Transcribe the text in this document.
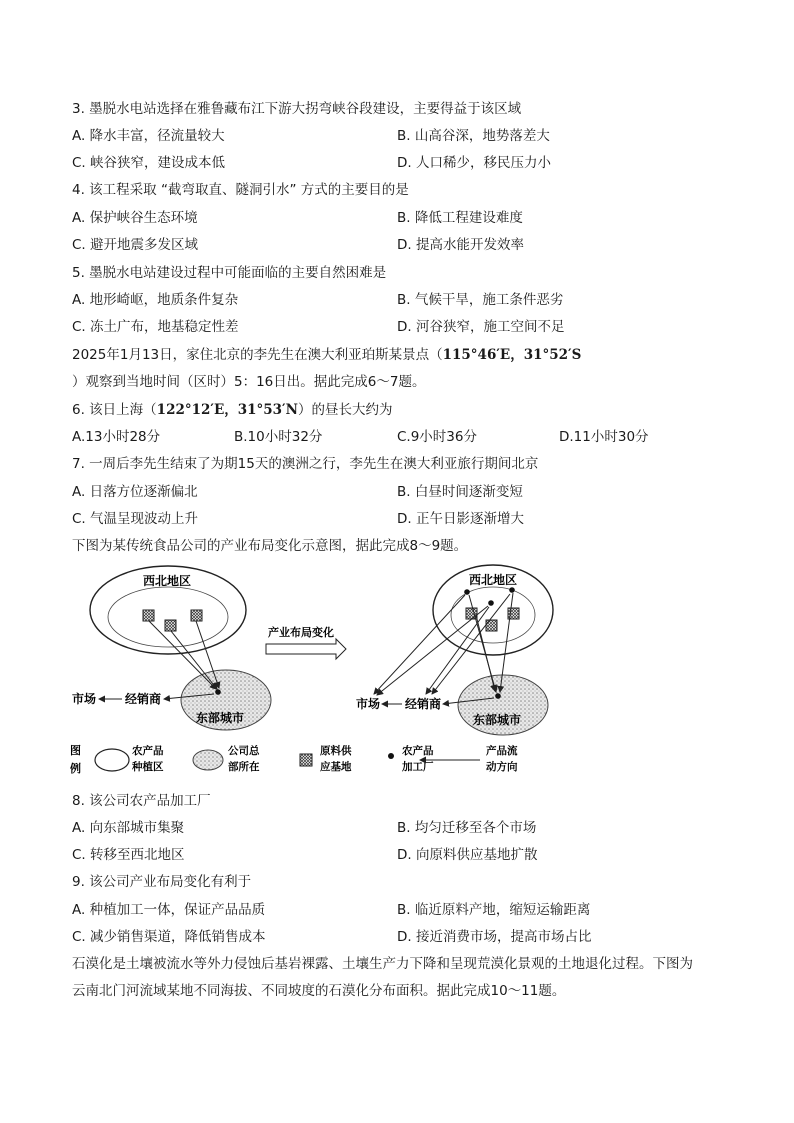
3. 墨脱水电站选择在雅鲁藏布江下游大拐弯峡谷段建设，主要得益于该区域
A. 降水丰富，径流量较大	B. 山高谷深，地势落差大
C. 峡谷狭窄，建设成本低	D. 人口稀少，移民压力小
4. 该工程采取 “截弯取直、隧洞引水” 方式的主要目的是
A. 保护峡谷生态环境	B. 降低工程建设难度
C. 避开地震多发区域	D. 提高水能开发效率
5. 墨脱水电站建设过程中可能面临的主要自然困难是
A. 地形崎岖，地质条件复杂	B. 气候干旱，施工条件恶劣
C. 冻土广布，地基稳定性差	D. 河谷狭窄，施工空间不足
2025年1月13日，家住北京的李先生在澳大利亚珀斯某景点（115°46′E，31°52′S
）观察到当地时间（区时）5：16日出。据此完成6～7题。
6. 该日上海（122°12′E，31°53′N）的昼长大约为
A.13小时28分	B.10小时32分	C.9小时36分	D.11小时30分
7. 一周后李先生结束了为期15天的澳洲之行，李先生在澳大利亚旅行期间北京
A. 日落方位逐渐偏北	B. 白昼时间逐渐变短
C. 气温呈现波动上升	D. 正午日影逐渐增大
下图为某传统食品公司的产业布局变化示意图，据此完成8～9题。
西北地区
东部城市
市场 经销商
产业布局变化
西北地区
东部城市
市场 经销商
图
例
农产品
种植区
公司总
部所在
原料供
应基地
农产品
加工厂
产品流
动方向
8. 该公司农产品加工厂
A. 向东部城市集聚	B. 均匀迁移至各个市场
C. 转移至西北地区	D. 向原料供应基地扩散
9. 该公司产业布局变化有利于
A. 种植加工一体，保证产品品质	B. 临近原料产地，缩短运输距离
C. 减少销售渠道，降低销售成本	D. 接近消费市场，提高市场占比
石漠化是土壤被流水等外力侵蚀后基岩裸露、土壤生产力下降和呈现荒漠化景观的土地退化过程。下图为
云南北门河流域某地不同海拔、不同坡度的石漠化分布面积。据此完成10～11题。
